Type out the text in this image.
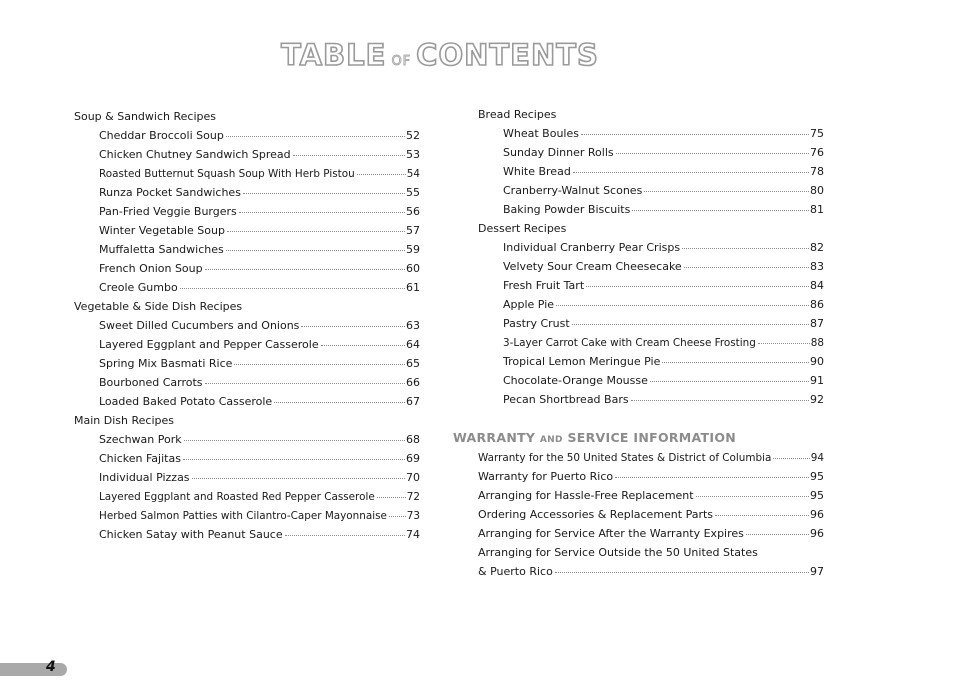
TABLE OF CONTENTS
Soup & Sandwich Recipes
Cheddar Broccoli Soup	52
Chicken Chutney Sandwich Spread	53
Roasted Butternut Squash Soup With Herb Pistou	54
Runza Pocket Sandwiches	55
Pan-Fried Veggie Burgers	56
Winter Vegetable Soup	57
Muffaletta Sandwiches	59
French Onion Soup	60
Creole Gumbo	61
Vegetable & Side Dish Recipes
Sweet Dilled Cucumbers and Onions	63
Layered Eggplant and Pepper Casserole	64
Spring Mix Basmati Rice	65
Bourboned Carrots	66
Loaded Baked Potato Casserole	67
Main Dish Recipes
Szechwan Pork	68
Chicken Fajitas	69
Individual Pizzas	70
Layered Eggplant and Roasted Red Pepper Casserole	72
Herbed Salmon Patties with Cilantro-Caper Mayonnaise 73
Chicken Satay with Peanut Sauce	74
Bread Recipes
Wheat Boules	75
Sunday Dinner Rolls	76
White Bread	78
Cranberry-Walnut Scones	80
Baking Powder Biscuits	81
Dessert Recipes
Individual Cranberry Pear Crisps	82
Velvety Sour Cream Cheesecake	83
Fresh Fruit Tart	84
Apple Pie	86
Pastry Crust	87
3-Layer Carrot Cake with Cream Cheese Frosting	88
Tropical Lemon Meringue Pie	90
Chocolate-Orange Mousse	91
Pecan Shortbread Bars	92
WARRANTY AND SERVICE INFORMATION
Warranty for the 50 United States & District of Columbia	94
Warranty for Puerto Rico	95
Arranging for Hassle-Free Replacement	95
Ordering Accessories & Replacement Parts	96
Arranging for Service After the Warranty Expires	96
Arranging for Service Outside the 50 United States
& Puerto Rico	97
4
